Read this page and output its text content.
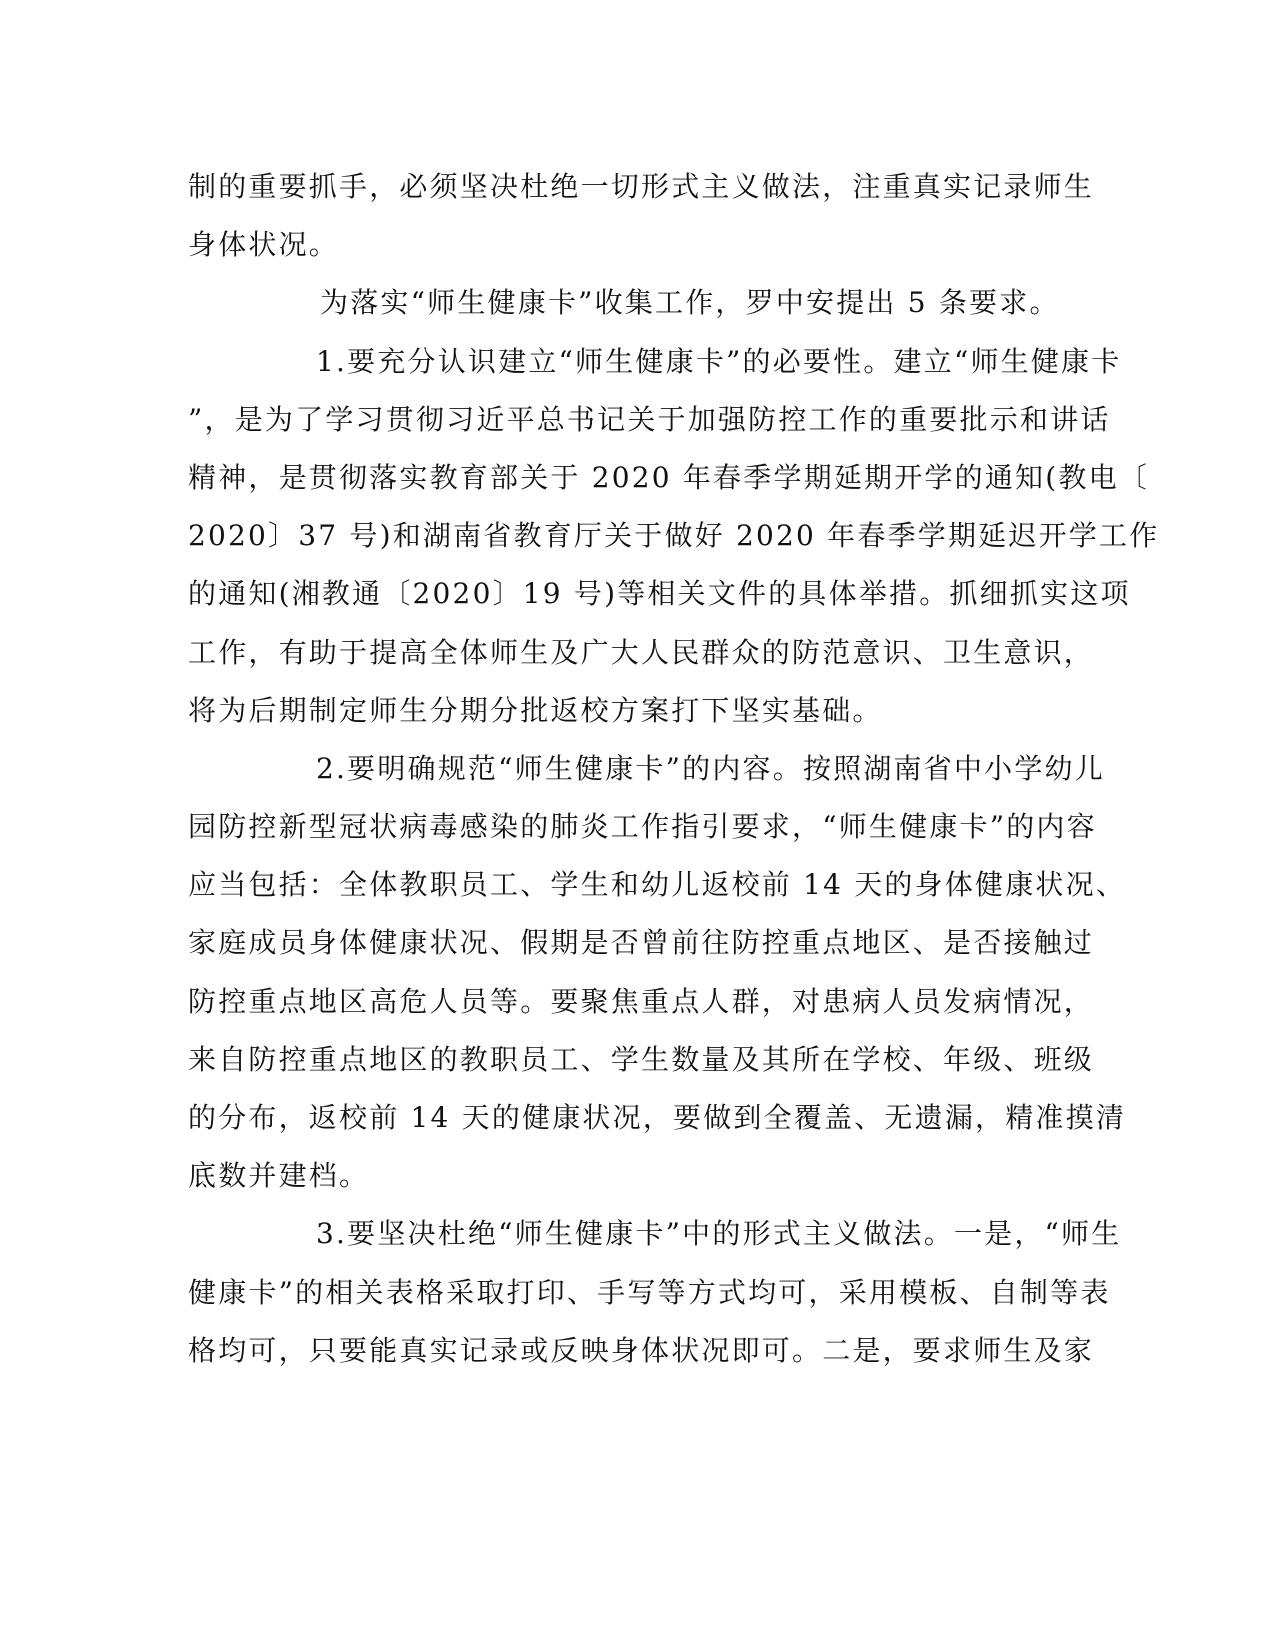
制的重要抓手，必须坚决杜绝一切形式主义做法，注重真实记录师生
身体状况。
为落实“师生健康卡”收集工作，罗中安提出 5 条要求。
1.要充分认识建立“师生健康卡”的必要性。建立“师生健康卡
”，是为了学习贯彻习近平总书记关于加强防控工作的重要批示和讲话
精神，是贯彻落实教育部关于 2020 年春季学期延期开学的通知(教电〔
2020〕37 号)和湖南省教育厅关于做好 2020 年春季学期延迟开学工作
的通知(湘教通〔2020〕19 号)等相关文件的具体举措。抓细抓实这项
工作，有助于提高全体师生及广大人民群众的防范意识、卫生意识，
将为后期制定师生分期分批返校方案打下坚实基础。
2.要明确规范“师生健康卡”的内容。按照湖南省中小学幼儿
园防控新型冠状病毒感染的肺炎工作指引要求，“师生健康卡”的内容
应当包括：全体教职员工、学生和幼儿返校前 14 天的身体健康状况、
家庭成员身体健康状况、假期是否曾前往防控重点地区、是否接触过
防控重点地区高危人员等。要聚焦重点人群，对患病人员发病情况，
来自防控重点地区的教职员工、学生数量及其所在学校、年级、班级
的分布，返校前 14 天的健康状况，要做到全覆盖、无遗漏，精准摸清
底数并建档。
3.要坚决杜绝“师生健康卡”中的形式主义做法。一是，“师生
健康卡”的相关表格采取打印、手写等方式均可，采用模板、自制等表
格均可，只要能真实记录或反映身体状况即可。二是，要求师生及家
